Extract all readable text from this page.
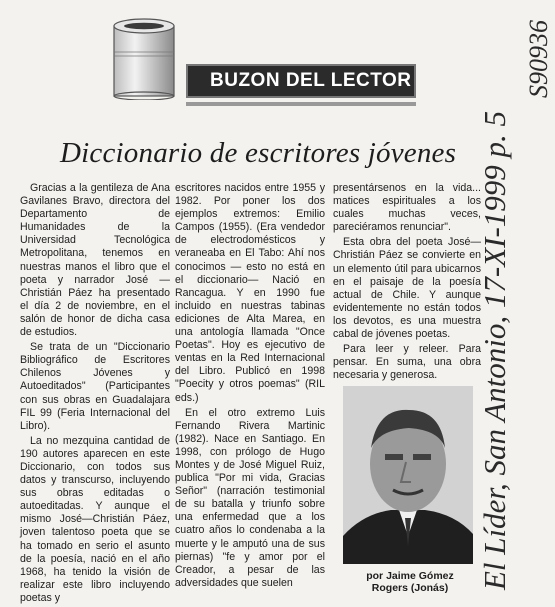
BUZON DEL LECTOR
Diccionario de escritores jóvenes

Gracias a la gentileza de Ana Gavilanes Bravo, directora del Departamento de Humanidades de la Universidad Tecnológica Metropolitana, tenemos en nuestras manos el libro que el poeta y narrador José —Christián Páez ha presentado el día 2 de noviembre, en el salón de honor de dicha casa de estudios.

Se trata de un "Diccionario Bibliográfico de Escritores Chilenos Jóvenes y Autoeditados" (Participantes con sus obras en Guadalajara FIL 99 (Feria Internacional del Libro).

La no mezquina cantidad de 190 autores aparecen en este Diccionario, con todos sus datos y transcurso, incluyendo sus obras editadas o autoeditadas. Y aunque el mismo José—Christián Páez, joven talentoso poeta que se ha tomado en serio el asunto de la poesía, nació en el año 1968, ha tenido la visión de realizar este libro incluyendo poetas y

escritores nacidos entre 1955 y 1982. Por poner los dos ejemplos extremos: Emilio Campos (1955). (Era vendedor de electrodomésticos y veraneaba en El Tabo: Ahí nos conocimos — esto no está en el diccionario— Nació en Rancagua. Y en 1990 fue incluido en nuestras tabinas ediciones de Alta Marea, en una antología llamada "Once Poetas". Hoy es ejecutivo de ventas en la Red Internacional del Libro. Publicó en 1998 "Poecity y otros poemas" (RIL eds.)

En el otro extremo Luis Fernando Rivera Martinic (1982). Nace en Santiago. En 1998, con prólogo de Hugo Montes y de José Miguel Ruiz, publica "Por mi vida, Gracias Señor" (narración testimonial de su batalla y triunfo sobre una enfermedad que a los cuatro años lo condenaba a la muerte y le amputó una de sus piernas) "fe y amor por el Creador, a pesar de las adversidades que suelen

presentársenos en la vida... matices espirituales a los cuales muchas veces, pareciéramos renunciar".

Esta obra del poeta José—Christián Páez se convierte en un elemento útil para ubicarnos en el paisaje de la poesía actual de Chile. Y aunque evidentemente no están todos los devotos, es una muestra cabal de jóvenes poetas.

Para leer y releer. Para pensar. En suma, una obra necesaria y generosa.

por Jaime Gómez
Rogers (Jonás) El Líder, San Antonio, 17-XI-1999 p. 5
S90936
